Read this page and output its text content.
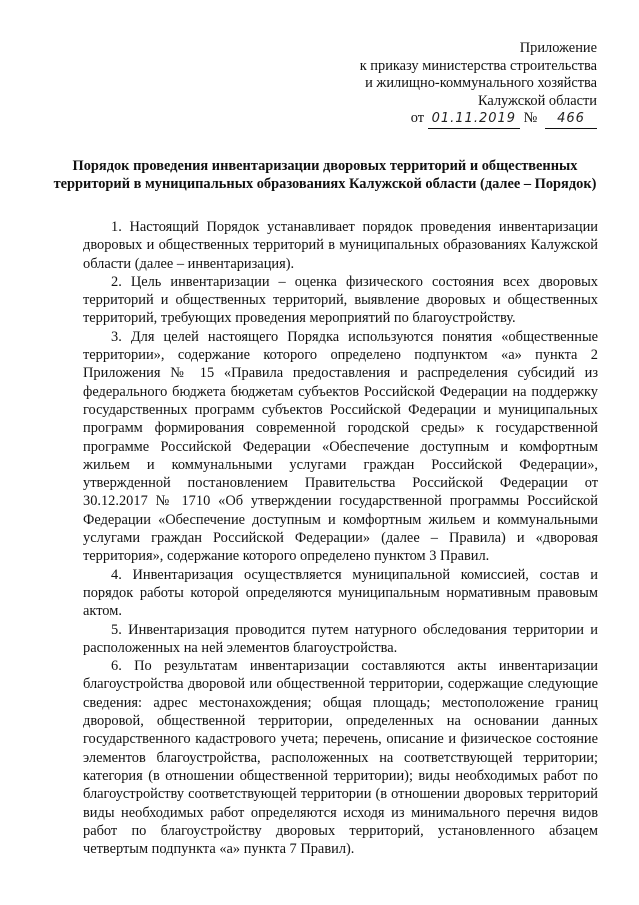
Приложение
к приказу министерства строительства
и жилищно-коммунального хозяйства
Калужской области
от 01.11.2019 № 466
Порядок проведения инвентаризации дворовых территорий и общественных территорий в муниципальных образованиях Калужской области (далее – Порядок)

1. Настоящий Порядок устанавливает порядок проведения инвентаризации дворовых и общественных территорий в муниципальных образованиях Калужской области (далее – инвентаризация).

2. Цель инвентаризации – оценка физического состояния всех дворовых территорий и общественных территорий, выявление дворовых и общественных территорий, требующих проведения мероприятий по благоустройству.

3. Для целей настоящего Порядка используются понятия «общественные территории», содержание которого определено подпунктом «а» пункта 2 Приложения № 15 «Правила предоставления и распределения субсидий из федерального бюджета бюджетам субъектов Российской Федерации на поддержку государственных программ субъектов Российской Федерации и муниципальных программ формирования современной городской среды» к государственной программе Российской Федерации «Обеспечение доступным и комфортным жильем и коммунальными услугами граждан Российской Федерации», утвержденной постановлением Правительства Российской Федерации от 30.12.2017 № 1710 «Об утверждении государственной программы Российской Федерации «Обеспечение доступным и комфортным жильем и коммунальными услугами граждан Российской Федерации» (далее – Правила) и «дворовая территория», содержание которого определено пунктом 3 Правил.

4. Инвентаризация осуществляется муниципальной комиссией, состав и порядок работы которой определяются муниципальным нормативным правовым актом.

5. Инвентаризация проводится путем натурного обследования территории и расположенных на ней элементов благоустройства.

6. По результатам инвентаризации составляются акты инвентаризации благоустройства дворовой или общественной территории, содержащие следующие сведения: адрес местонахождения; общая площадь; местоположение границ дворовой, общественной территории, определенных на основании данных государственного кадастрового учета; перечень, описание и физическое состояние элементов благоустройства, расположенных на соответствующей территории; категория (в отношении общественной территории); виды необходимых работ по благоустройству соответствующей территории (в отношении дворовых территорий виды необходимых работ определяются исходя из минимального перечня видов работ по благоустройству дворовых территорий, установленного абзацем четвертым подпункта «а» пункта 7 Правил).
